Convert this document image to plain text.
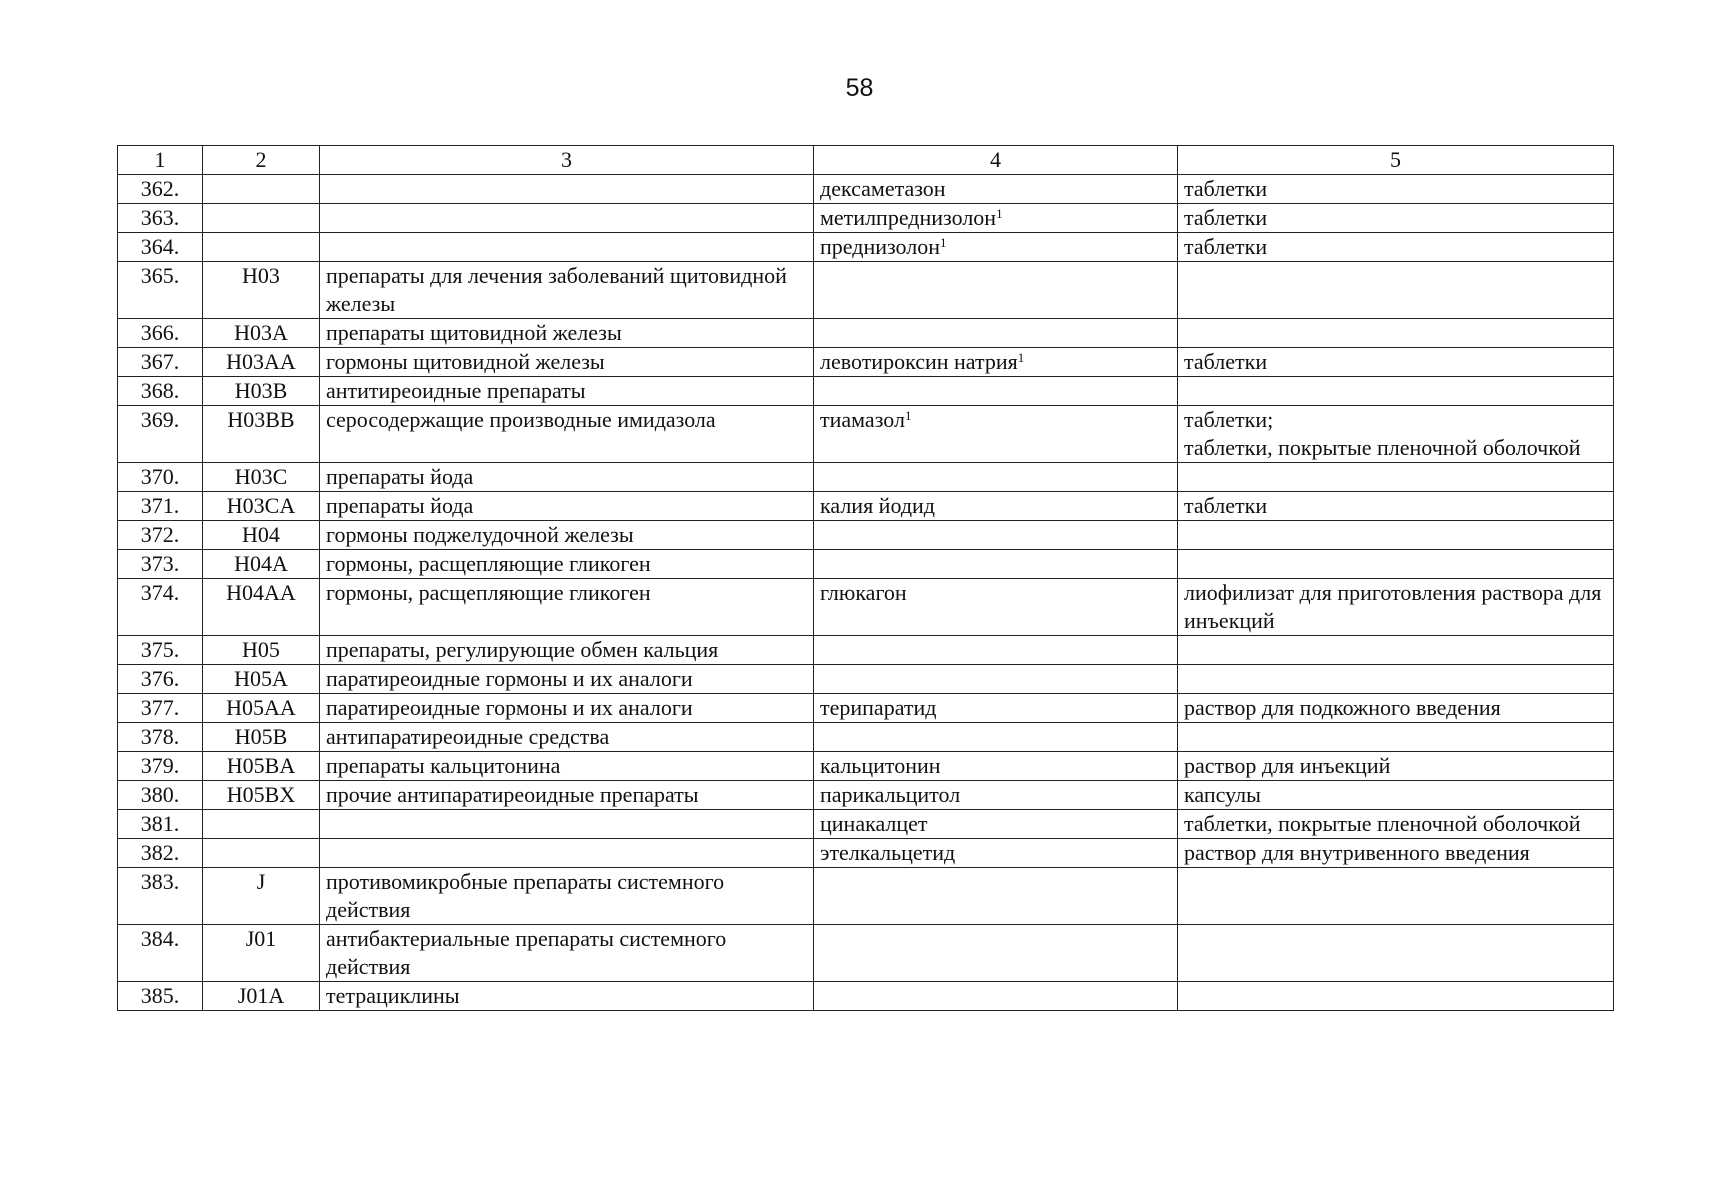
58
1	2	3	4	5
362.			дексаметазон	таблетки
363.			метилпреднизолон$^1$	таблетки
364.			преднизолон$^1$	таблетки
365.	H03	препараты для лечения заболеваний щитовидной железы		
366.	H03A	препараты щитовидной железы		
367.	H03AA	гормоны щитовидной железы	левотироксин натрия$^1$	таблетки
368.	H03B	антитиреоидные препараты		
369.	H03BB	серосодержащие производные имидазола	тиамазол$^1$	таблетки;
таблетки, покрытые пленочной оболочкой
370.	H03C	препараты йода		
371.	H03CA	препараты йода	калия йодид	таблетки
372.	H04	гормоны поджелудочной железы		
373.	H04A	гормоны, расщепляющие гликоген		
374.	H04AA	гормоны, расщепляющие гликоген	глюкагон	лиофилизат для приготовления раствора для инъекций
375.	H05	препараты, регулирующие обмен кальция		
376.	H05A	паратиреоидные гормоны и их аналоги		
377.	H05AA	паратиреоидные гормоны и их аналоги	терипаратид	раствор для подкожного введения
378.	H05B	антипаратиреоидные средства		
379.	H05BA	препараты кальцитонина	кальцитонин	раствор для инъекций
380.	H05BX	прочие антипаратиреоидные препараты	парикальцитол	капсулы
381.			цинакалцет	таблетки, покрытые пленочной оболочкой
382.			этелкальцетид	раствор для внутривенного введения
383.	J	противомикробные препараты системного действия		
384.	J01	антибактериальные препараты системного действия		
385.	J01A	тетрациклины		
